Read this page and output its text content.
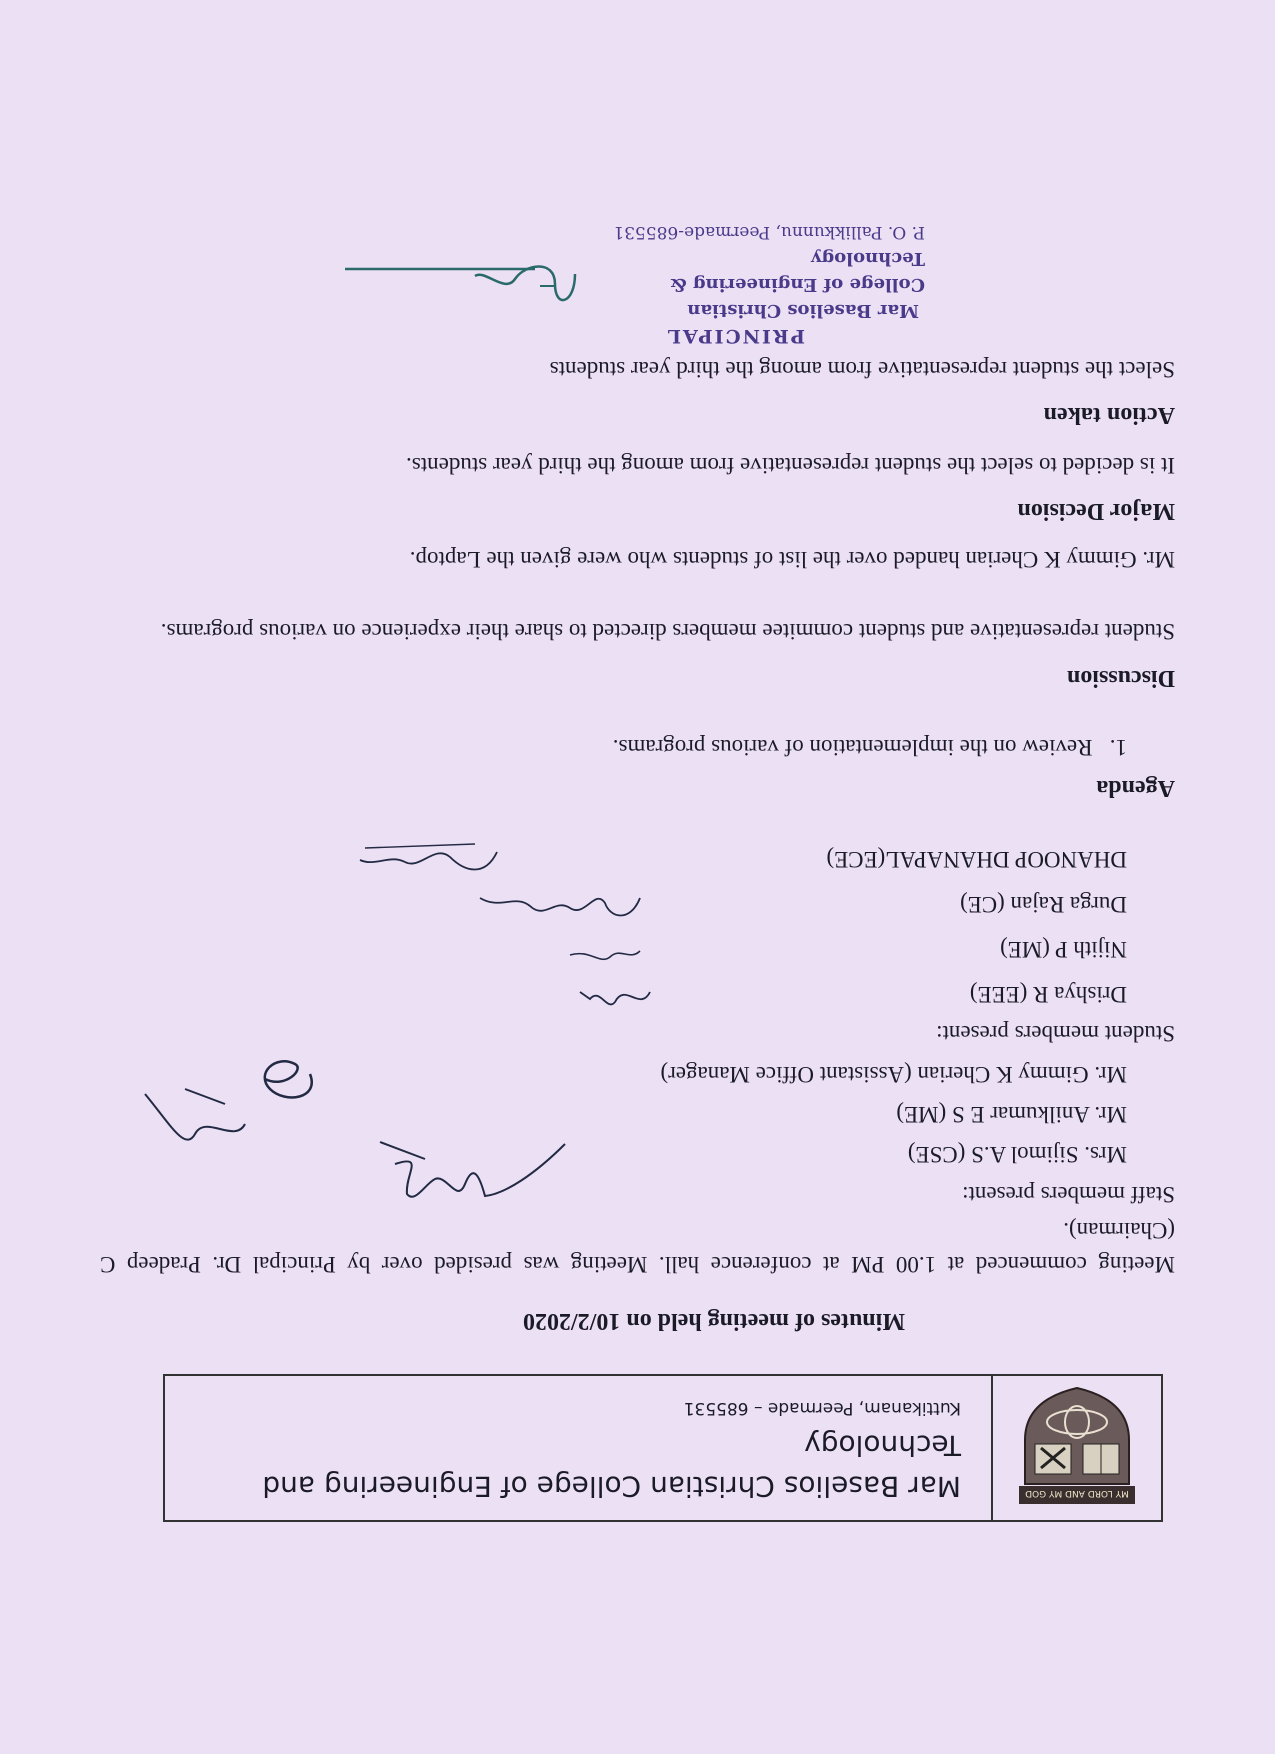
MY LORD AND MY GOD
Mar Baselios Christian College of Engineering and Technology
Kuttikanam, Peermade – 685531
Minutes of meeting held on 10/2/2020
Meeting commenced at 1.00 PM at conference hall. Meeting was presided over by Principal Dr. Pradeep C (Chairman).
Staff members present:
Mrs. Sijimol A.S (CSE)
Mr. Anilkumar E S (ME)
Mr. Gimmy K Cherian (Assistant Office Manager)
Student members present:
Drishya R (EEE)
Nijith P (ME)
Durga Rajan (CE)
DHANOOP DHANAPAL(ECE)
Agenda
1.   Review on the implementation of various programs.
Discussion
Student representative and student commitee members directed to share their experience on various programs.
Mr. Gimmy K Cherian handed over the list of students who were given the Laptop.
Major Decision
It is decided to select the student representative from among the third year students.
Action taken
Select the student representative from among the third year students
PRINCIPAL
Mar Baselios Christian
College of Engineering & Technology
P. O. Pallikkunnu, Peermade-685531
